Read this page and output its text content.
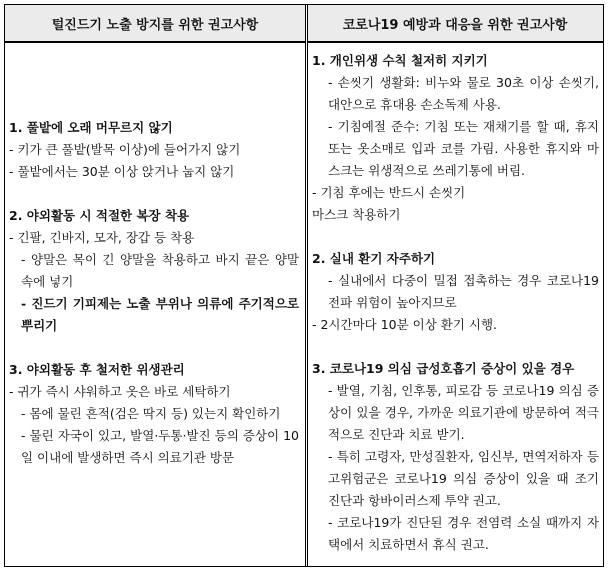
털진드기 노출 방지를 위한 권고사항	코로나19 예방과 대응을 위한 권고사항
1. 풀밭에 오래 머무르지 않기
- 키가 큰 풀밭(발목 이상)에 들어가지 않기
- 풀밭에서는 30분 이상 앉거나 눕지 않기
2. 야외활동 시 적절한 복장 착용
- 긴팔, 긴바지, 모자, 장갑 등 착용
- 양말은 목이 긴 양말을 착용하고 바지 끝은 양말 속에 넣기
- 진드기 기피제는 노출 부위나 의류에 주기적으로 뿌리기
3. 야외활동 후 철저한 위생관리
- 귀가 즉시 샤워하고 옷은 바로 세탁하기
- 몸에 물린 흔적(검은 딱지 등) 있는지 확인하기
- 물린 자국이 있고, 발열·두통·발진 등의 증상이 10일 이내에 발생하면 즉시 의료기관 방문
1. 개인위생 수칙 철저히 지키기
- 손씻기 생활화: 비누와 물로 30초 이상 손씻기, 대안으로 휴대용 손소독제 사용.
- 기침예절 준수: 기침 또는 재채기를 할 때, 휴지 또는 옷소매로 입과 코를 가림. 사용한 휴지와 마스크는 위생적으로 쓰레기통에 버림.
- 기침 후에는 반드시 손씻기
마스크 착용하기
2. 실내 환기 자주하기
- 실내에서 다중이 밀접 접촉하는 경우 코로나19 전파 위험이 높아지므로
- 2시간마다 10분 이상 환기 시행.
3. 코로나19 의심 급성호흡기 증상이 있을 경우
- 발열, 기침, 인후통, 피로감 등 코로나19 의심 증상이 있을 경우, 가까운 의료기관에 방문하여 적극적으로 진단과 치료 받기.
- 특히 고령자, 만성질환자, 임신부, 면역저하자 등 고위험군은 코로나19 의심 증상이 있을 때 조기 진단과 항바이러스제 투약 권고.
- 코로나19가 진단된 경우 전염력 소실 때까지 자택에서 치료하면서 휴식 권고.
